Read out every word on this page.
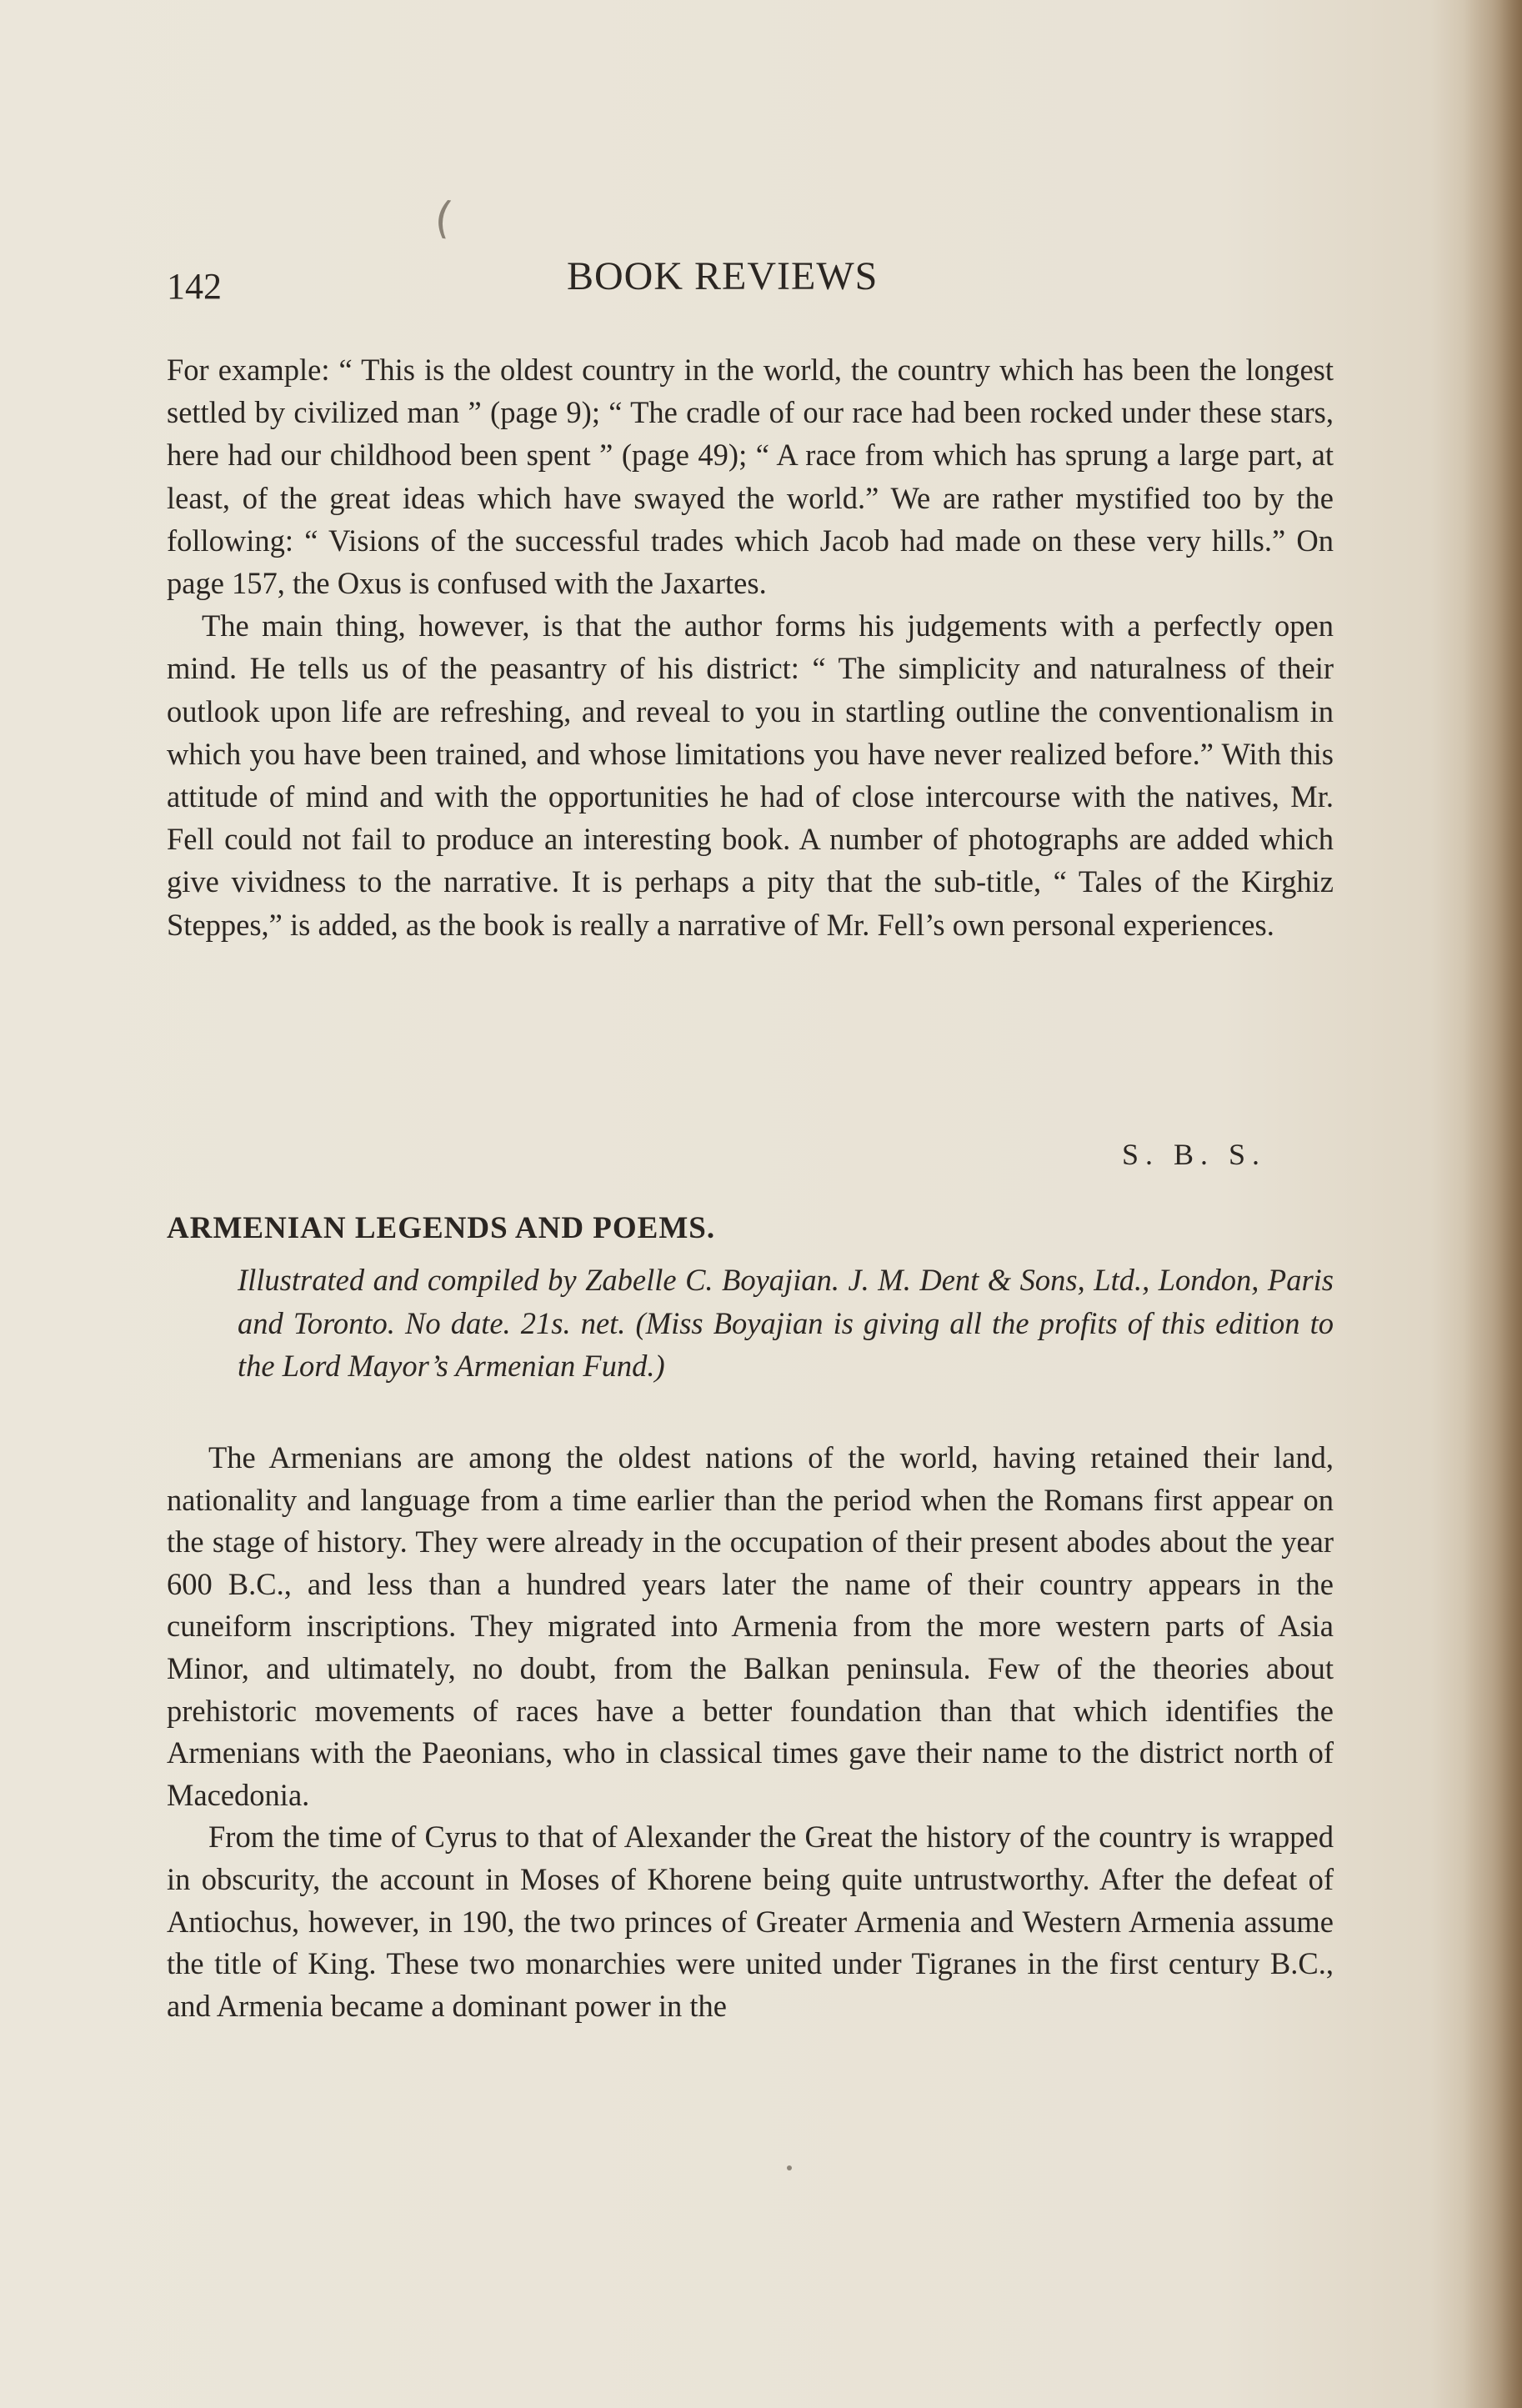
(
142	BOOK REVIEWS

For example: “ This is the oldest country in the world, the country which has been the longest settled by civilized man ” (page 9); “ The cradle of our race had been rocked under these stars, here had our childhood been spent ” (page 49); “ A race from which has sprung a large part, at least, of the great ideas which have swayed the world.” We are rather mystified too by the following: “ Visions of the successful trades which Jacob had made on these very hills.” On page 157, the Oxus is confused with the Jaxartes.

The main thing, however, is that the author forms his judgements with a perfectly open mind. He tells us of the peasantry of his district: “ The simplicity and naturalness of their outlook upon life are refreshing, and reveal to you in startling outline the conventionalism in which you have been trained, and whose limitations you have never realized before.” With this attitude of mind and with the opportunities he had of close intercourse with the natives, Mr. Fell could not fail to produce an interesting book. A number of photographs are added which give vividness to the narrative. It is perhaps a pity that the sub-title, “ Tales of the Kirghiz Steppes,” is added, as the book is really a narrative of Mr. Fell’s own personal experiences.

S. B. S.
ARMENIAN LEGENDS AND POEMS.
Illustrated and compiled by Zabelle C. Boyajian. J. M. Dent & Sons, Ltd., London, Paris and Toronto. No date. 21s. net. (Miss Boyajian is giving all the profits of this edition to the Lord Mayor’s Armenian Fund.)

The Armenians are among the oldest nations of the world, having retained their land, nationality and language from a time earlier than the period when the Romans first appear on the stage of history. They were already in the occupation of their present abodes about the year 600 B.C., and less than a hundred years later the name of their country appears in the cuneiform inscriptions. They migrated into Armenia from the more western parts of Asia Minor, and ultimately, no doubt, from the Balkan peninsula. Few of the theories about prehistoric movements of races have a better foundation than that which identifies the Armenians with the Paeonians, who in classical times gave their name to the district north of Macedonia.

From the time of Cyrus to that of Alexander the Great the history of the country is wrapped in obscurity, the account in Moses of Khorene being quite untrustworthy. After the defeat of Antiochus, however, in 190, the two princes of Greater Armenia and Western Armenia assume the title of King. These two monarchies were united under Tigranes in the first century B.C., and Armenia became a dominant power in the
